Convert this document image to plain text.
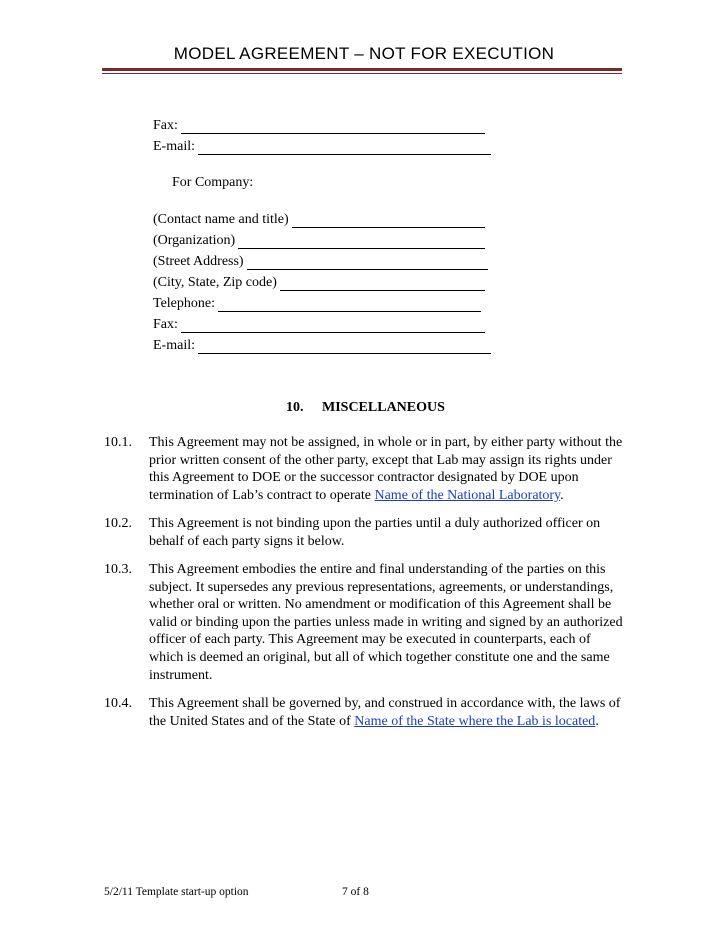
MODEL AGREEMENT – NOT FOR EXECUTION
Fax:
E-mail:
For Company:
(Contact name and title)
(Organization)
(Street Address)
(City, State, Zip code)
Telephone:
Fax:
E-mail:
10. MISCELLANEOUS
10.1. This Agreement may not be assigned, in whole or in part, by either party without the prior written consent of the other party, except that Lab may assign its rights under this Agreement to DOE or the successor contractor designated by DOE upon termination of Lab’s contract to operate Name of the National Laboratory.
10.2. This Agreement is not binding upon the parties until a duly authorized officer on behalf of each party signs it below.
10.3. This Agreement embodies the entire and final understanding of the parties on this subject. It supersedes any previous representations, agreements, or understandings, whether oral or written. No amendment or modification of this Agreement shall be valid or binding upon the parties unless made in writing and signed by an authorized officer of each party. This Agreement may be executed in counterparts, each of which is deemed an original, but all of which together constitute one and the same instrument.
10.4. This Agreement shall be governed by, and construed in accordance with, the laws of the United States and of the State of Name of the State where the Lab is located.
5/2/11 Template start-up option	7 of 8
